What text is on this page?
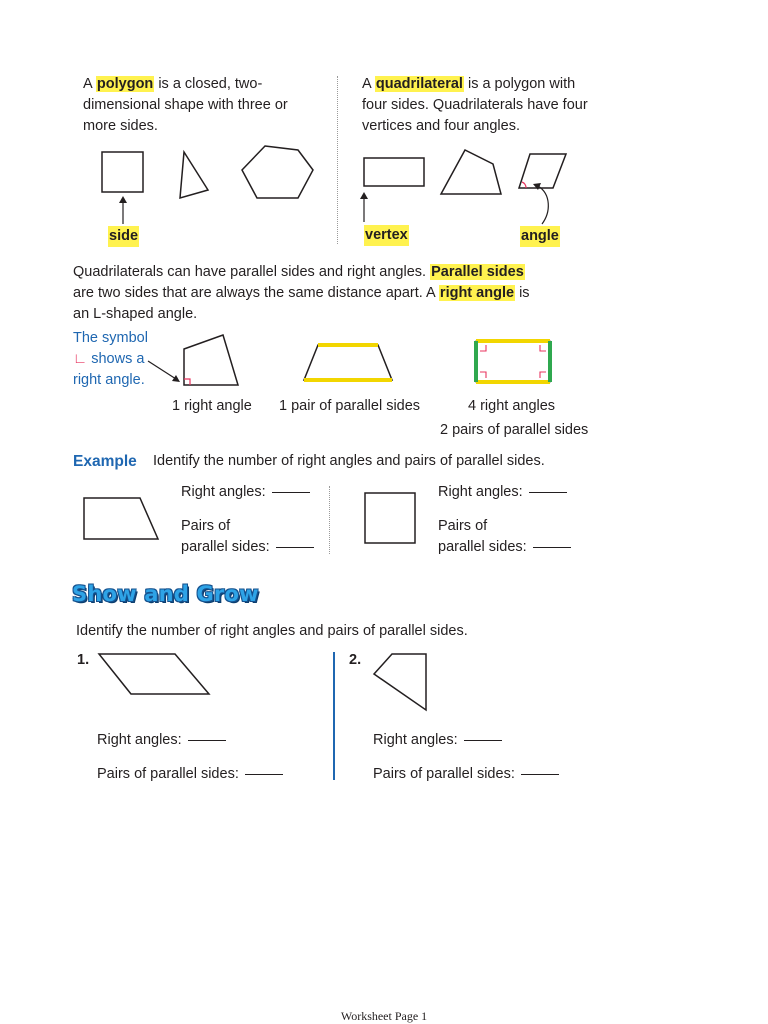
A polygon is a closed, two-
dimensional shape with three or
more sides.
side
A quadrilateral is a polygon with
four sides. Quadrilaterals have four
vertices and four angles.
vertex	angle
Quadrilaterals can have parallel sides and right angles. Parallel sides
are two sides that are always the same distance apart. A right angle is
an L-shaped angle.
The symbol
∟ shows a
right angle.
1 right angle 1 pair of parallel sides	4 right angles
2 pairs of parallel sides
Example Identify the number of right angles and pairs of parallel sides.
Right angles:
Pairs of
parallel sides:
Right angles:
Pairs of
parallel sides:
Show and Grow
Identify the number of right angles and pairs of parallel sides.
1.	2.
Right angles:
Pairs of parallel sides:
Right angles:
Pairs of parallel sides:
Worksheet Page 1
